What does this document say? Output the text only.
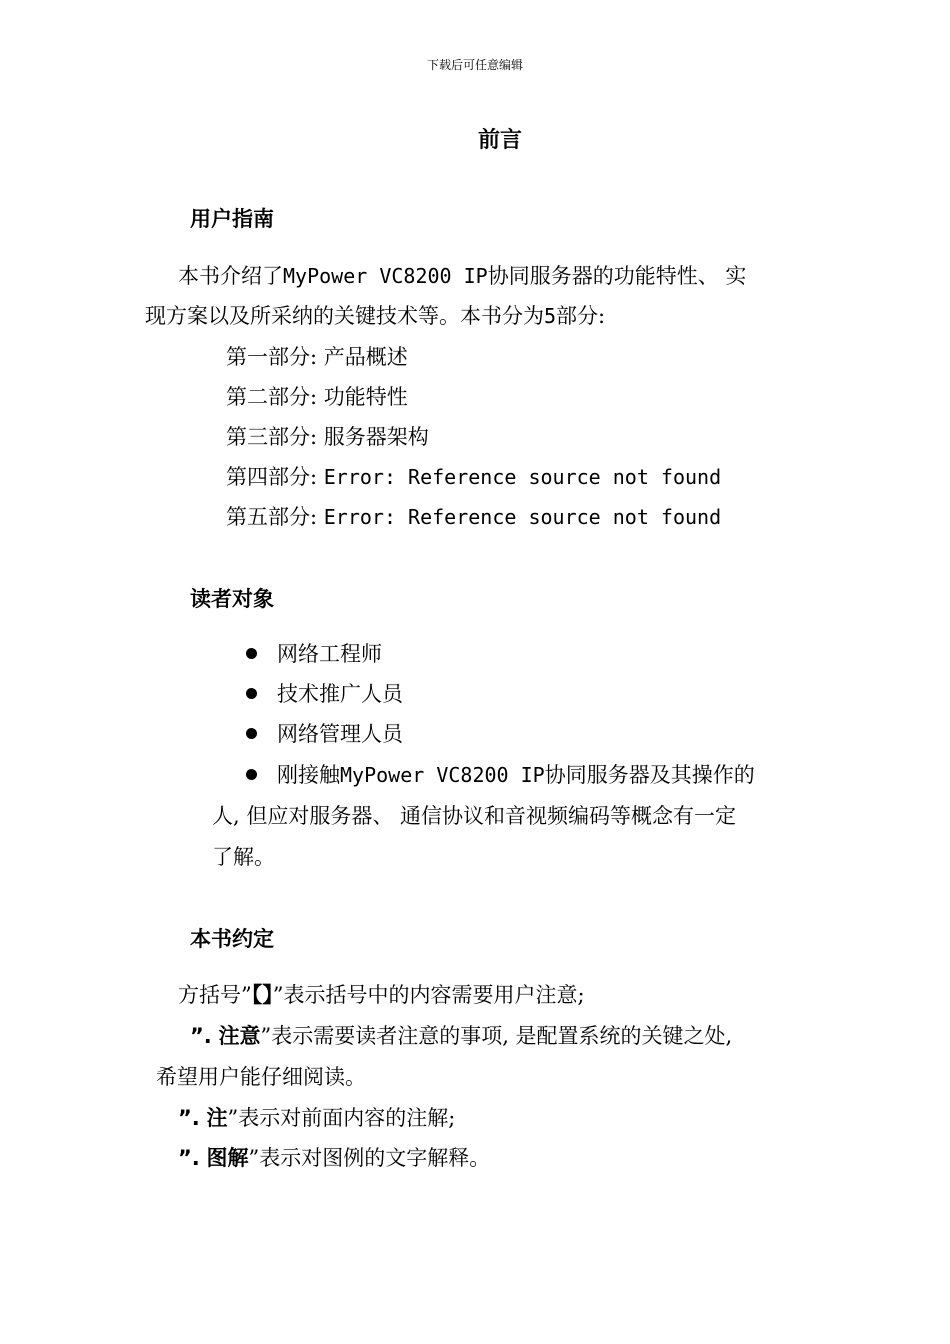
下载后可任意编辑
前言
用户指南
本书介绍了MyPower VC8200 IP协同服务器的功能特性、 实
现方案以及所采纳的关键技术等。本书分为5部分:
第一部分: 产品概述
第二部分: 功能特性
第三部分: 服务器架构
第四部分: Error: Reference source not found
第五部分: Error: Reference source not found
读者对象
网络工程师
技术推广人员
网络管理人员
刚接触MyPower VC8200 IP协同服务器及其操作的
人, 但应对服务器、 通信协议和音视频编码等概念有一定
了解。
本书约定
方括号”【】”表示括号中的内容需要用户注意;
”. 注意”表示需要读者注意的事项, 是配置系统的关键之处,
希望用户能仔细阅读。
”. 注”表示对前面内容的注解;
”. 图解”表示对图例的文字解释。
